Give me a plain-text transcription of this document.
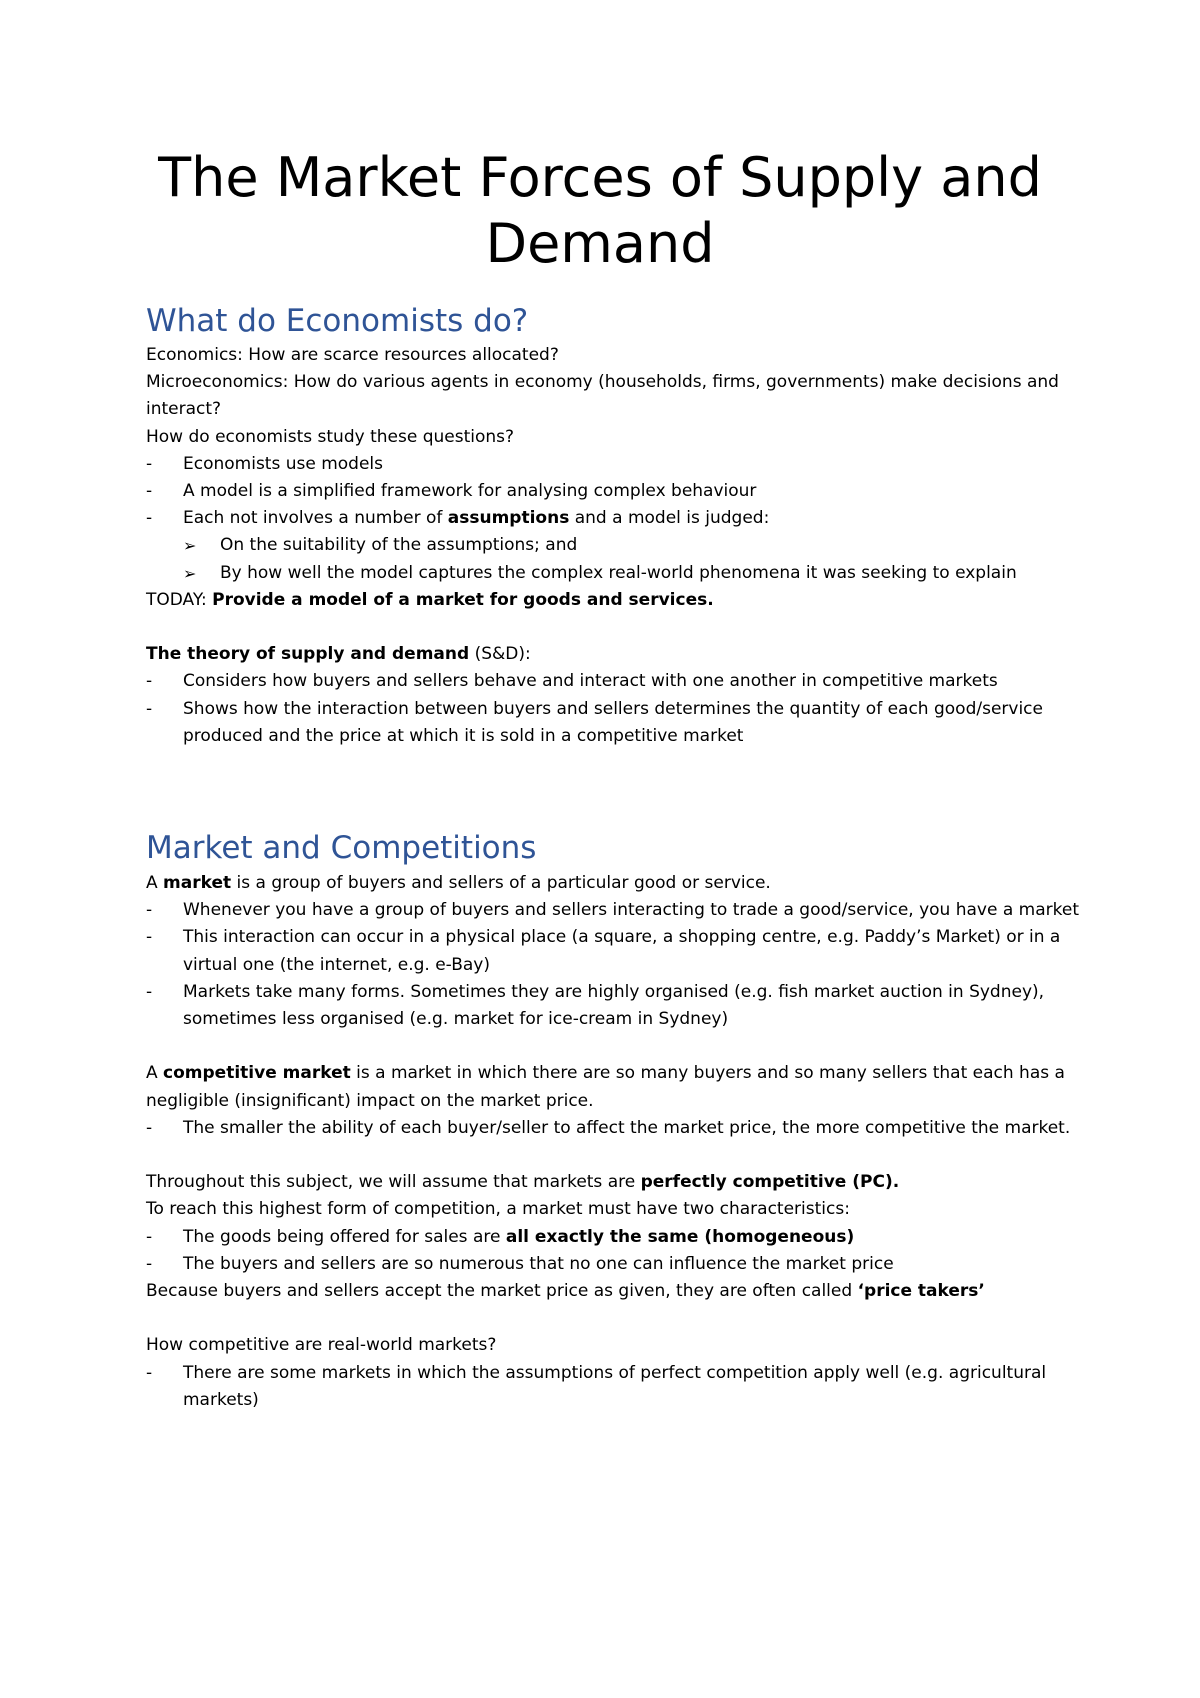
The Market Forces of Supply and
Demand
What do Economists do?

Economics: How are scarce resources allocated?

Microeconomics: How do various agents in economy (households, firms, governments) make decisions and interact?

How do economists study these questions?

- Economists use models

- A model is a simplified framework for analysing complex behaviour

- Each not involves a number of assumptions and a model is judged:

➢ On the suitability of the assumptions; and

➢ By how well the model captures the complex real-world phenomena it was seeking to explain

TODAY: Provide a model of a market for goods and services.

The theory of supply and demand (S&D):

- Considers how buyers and sellers behave and interact with one another in competitive markets

- Shows how the interaction between buyers and sellers determines the quantity of each good/service produced and the price at which it is sold in a competitive market

Market and Competitions

A market is a group of buyers and sellers of a particular good or service.

- Whenever you have a group of buyers and sellers interacting to trade a good/service, you have a market

- This interaction can occur in a physical place (a square, a shopping centre, e.g. Paddy’s Market) or in a virtual one (the internet, e.g. e-Bay)

- Markets take many forms. Sometimes they are highly organised (e.g. fish market auction in Sydney), sometimes less organised (e.g. market for ice-cream in Sydney)

A competitive market is a market in which there are so many buyers and so many sellers that each has a negligible (insignificant) impact on the market price.

- The smaller the ability of each buyer/seller to affect the market price, the more competitive the market.

Throughout this subject, we will assume that markets are perfectly competitive (PC).

To reach this highest form of competition, a market must have two characteristics:

- The goods being offered for sales are all exactly the same (homogeneous)

- The buyers and sellers are so numerous that no one can influence the market price

Because buyers and sellers accept the market price as given, they are often called ‘price takers’

How competitive are real-world markets?

- There are some markets in which the assumptions of perfect competition apply well (e.g. agricultural markets)
